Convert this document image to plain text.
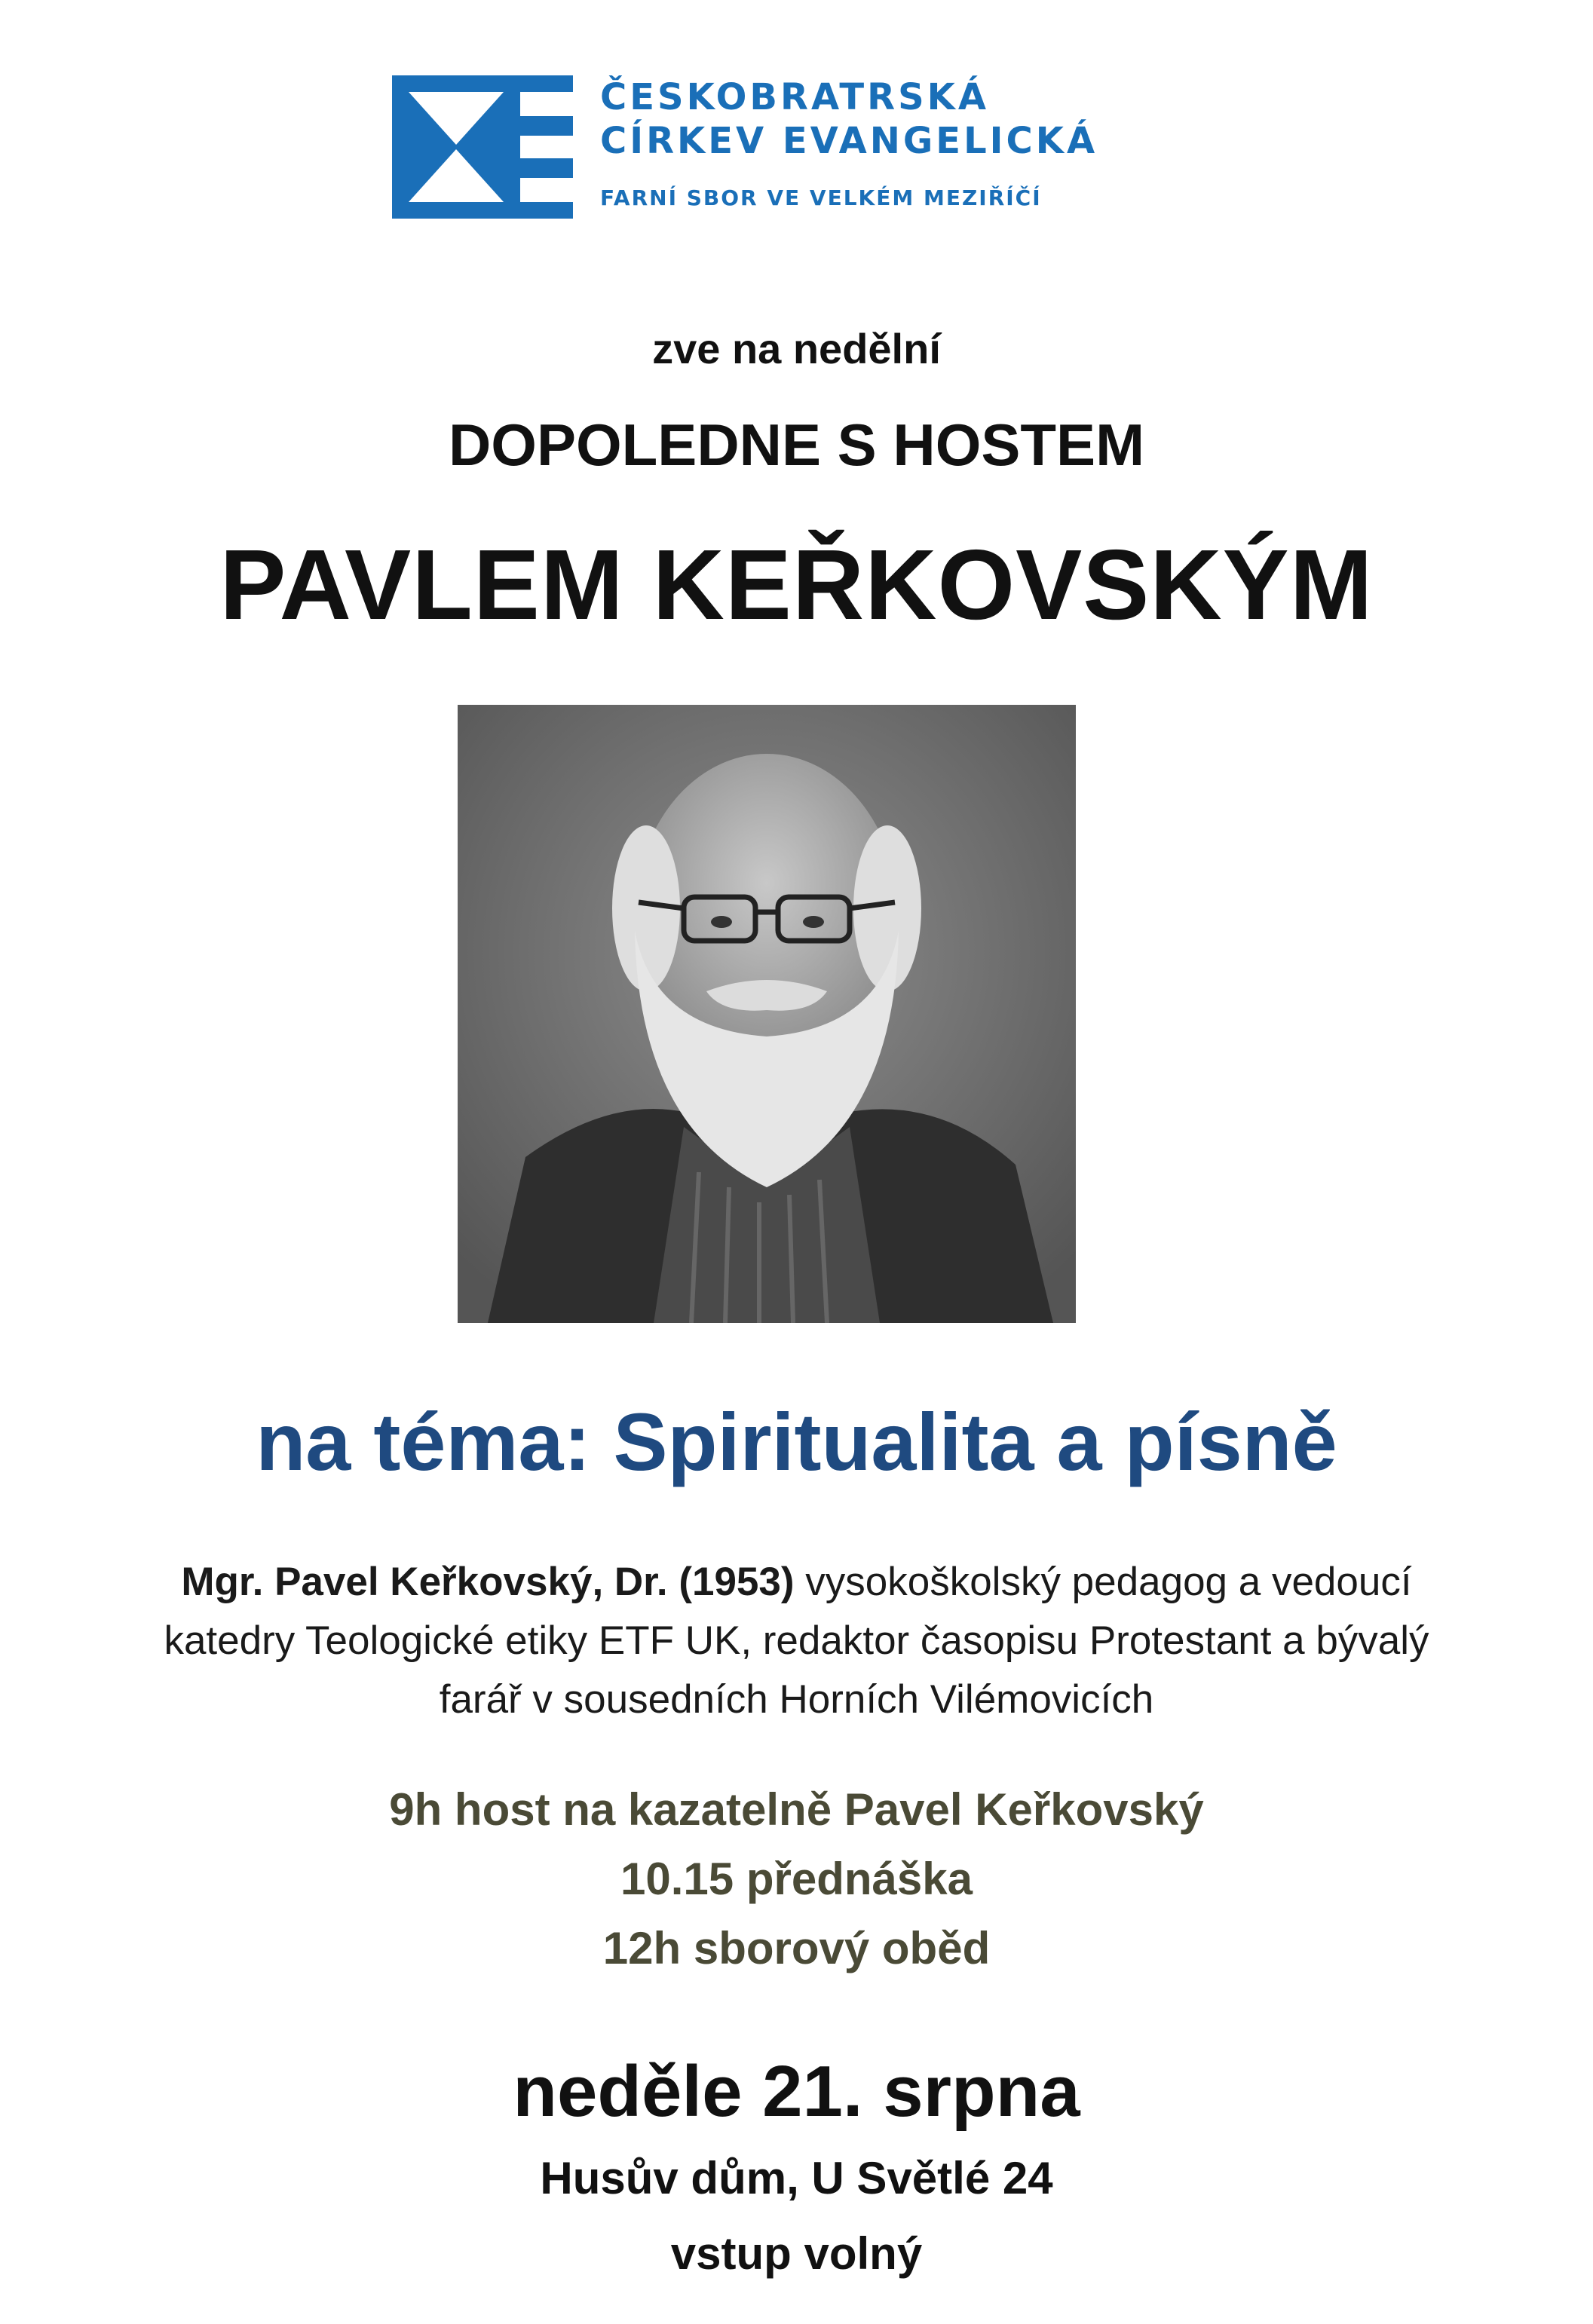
ČESKOBRATRSKÁ
CÍRKEV EVANGELICKÁ
FARNÍ SBOR VE VELKÉM MEZIŘÍČÍ
zve na nedělní
DOPOLEDNE S HOSTEM
PAVLEM KEŘKOVSKÝM
na téma: Spiritualita a písně
Mgr. Pavel Keřkovský, Dr. (1953) vysokoškolský pedagog a vedoucí
katedry Teologické etiky ETF UK, redaktor časopisu Protestant a bývalý
farář v sousedních Horních Vilémovicích
9h host na kazatelně Pavel Keřkovský
10.15 přednáška
12h sborový oběd
neděle 21. srpna
Husův dům, U Světlé 24
vstup volný
